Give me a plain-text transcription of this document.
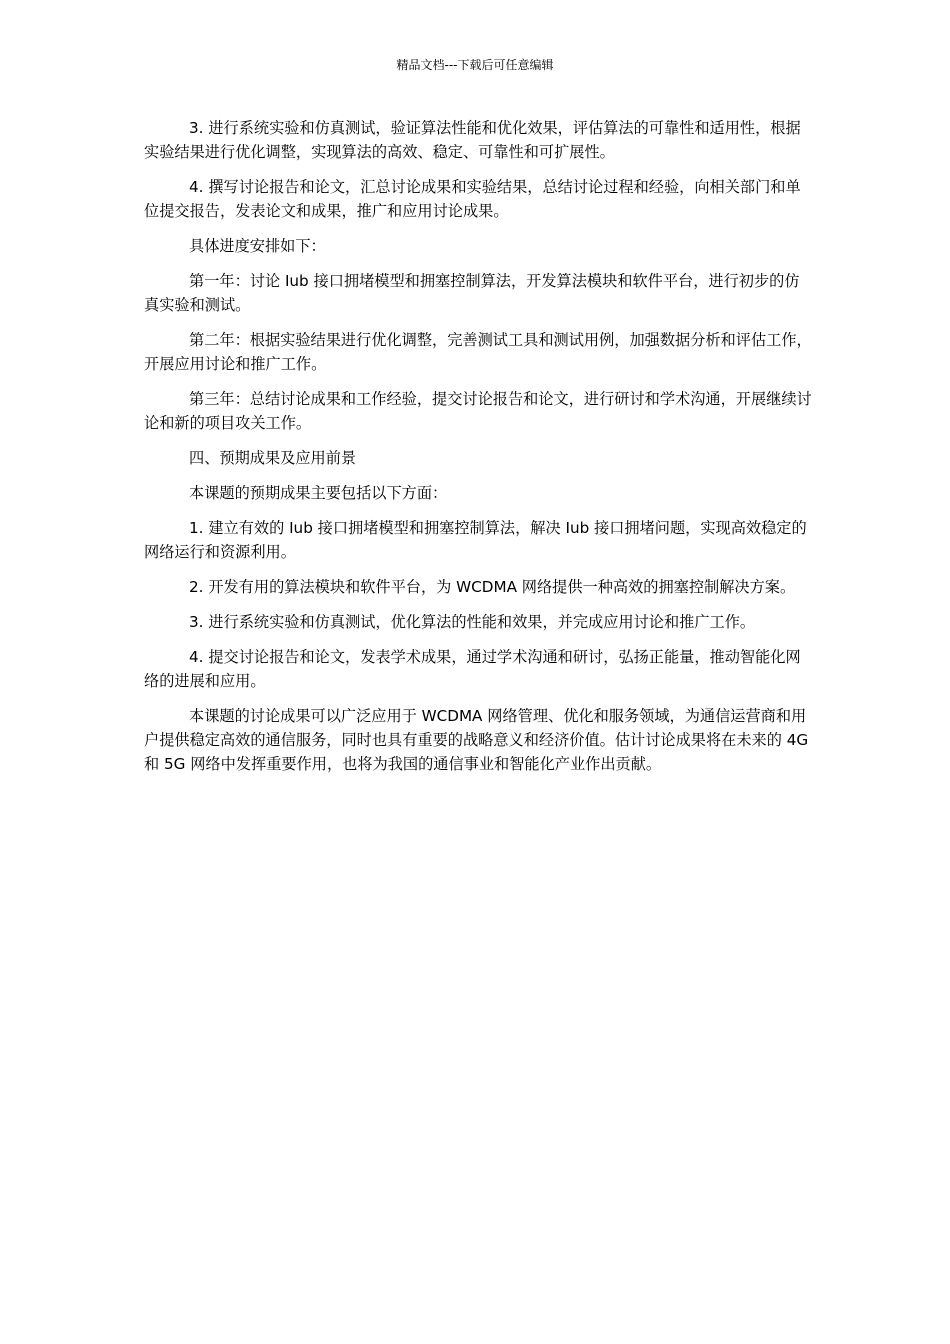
精品文档---下载后可任意编辑

3. 进行系统实验和仿真测试，验证算法性能和优化效果，评估算法的可靠性和适用性，根据实验结果进行优化调整，实现算法的高效、稳定、可靠性和可扩展性。

4. 撰写讨论报告和论文，汇总讨论成果和实验结果，总结讨论过程和经验，向相关部门和单位提交报告，发表论文和成果，推广和应用讨论成果。

具体进度安排如下：

第一年：讨论 Iub 接口拥堵模型和拥塞控制算法，开发算法模块和软件平台，进行初步的仿真实验和测试。

第二年：根据实验结果进行优化调整，完善测试工具和测试用例，加强数据分析和评估工作，开展应用讨论和推广工作。

第三年：总结讨论成果和工作经验，提交讨论报告和论文，进行研讨和学术沟通，开展继续讨论和新的项目攻关工作。

四、预期成果及应用前景

本课题的预期成果主要包括以下方面：

1. 建立有效的 Iub 接口拥堵模型和拥塞控制算法，解决 Iub 接口拥堵问题，实现高效稳定的网络运行和资源利用。

2. 开发有用的算法模块和软件平台，为 WCDMA 网络提供一种高效的拥塞控制解决方案。

3. 进行系统实验和仿真测试，优化算法的性能和效果，并完成应用讨论和推广工作。

4. 提交讨论报告和论文，发表学术成果，通过学术沟通和研讨，弘扬正能量，推动智能化网络的进展和应用。

本课题的讨论成果可以广泛应用于 WCDMA 网络管理、优化和服务领域，为通信运营商和用户提供稳定高效的通信服务，同时也具有重要的战略意义和经济价值。估计讨论成果将在未来的 4G 和 5G 网络中发挥重要作用，也将为我国的通信事业和智能化产业作出贡献。
